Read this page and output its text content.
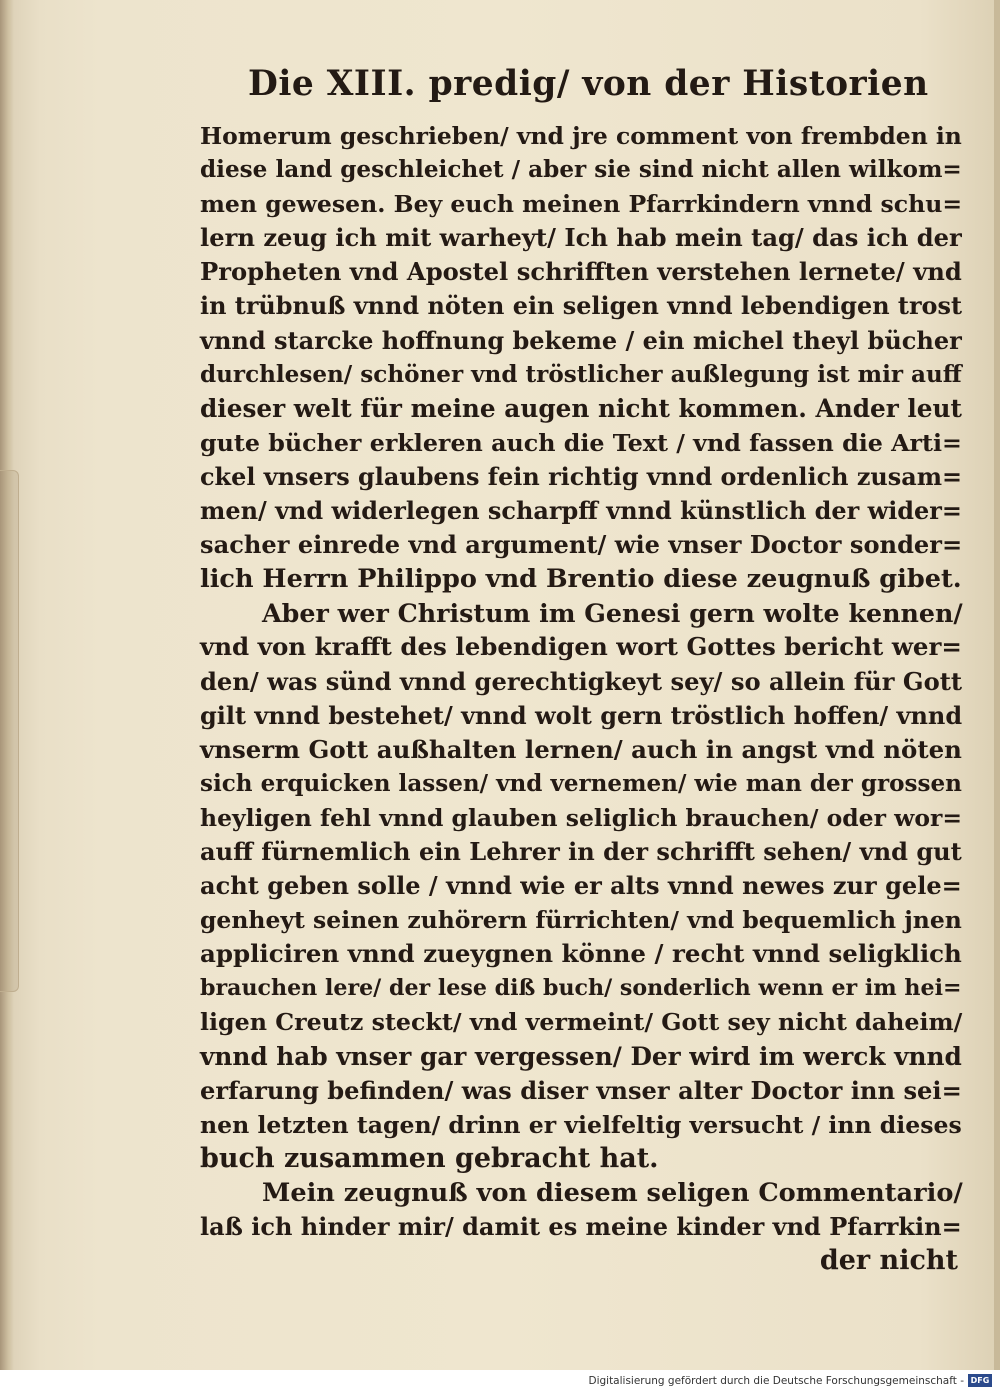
Die XIII. predig/ von der Historien
Homerum geschrieben/ vnd jre comment von frembden in
diese land geschleichet / aber sie sind nicht allen wilkom=
men gewesen. Bey euch meinen Pfarrkindern vnnd schu=
lern zeug ich mit warheyt/ Ich hab mein tag/ das ich der
Propheten vnd Apostel schrifften verstehen lernete/ vnd
in trübnuß vnnd nöten ein seligen vnnd lebendigen trost
vnnd starcke hoffnung bekeme / ein michel theyl bücher
durchlesen/ schöner vnd tröstlicher außlegung ist mir auff
dieser welt für meine augen nicht kommen. Ander leut
gute bücher erkleren auch die Text / vnd fassen die Arti=
ckel vnsers glaubens fein richtig vnnd ordenlich zusam=
men/ vnd widerlegen scharpff vnnd künstlich der wider=
sacher einrede vnd argument/ wie vnser Doctor sonder=
lich Herrn Philippo vnd Brentio diese zeugnuß gibet.
Aber wer Christum im Genesi gern wolte kennen/
vnd von krafft des lebendigen wort Gottes bericht wer=
den/ was sünd vnnd gerechtigkeyt sey/ so allein für Gott
gilt vnnd bestehet/ vnnd wolt gern tröstlich hoffen/ vnnd
vnserm Gott außhalten lernen/ auch in angst vnd nöten
sich erquicken lassen/ vnd vernemen/ wie man der grossen
heyligen fehl vnnd glauben seliglich brauchen/ oder wor=
auff fürnemlich ein Lehrer in der schrifft sehen/ vnd gut
acht geben solle / vnnd wie er alts vnnd newes zur gele=
genheyt seinen zuhörern fürrichten/ vnd bequemlich jnen
appliciren vnnd zueygnen könne / recht vnnd seligklich
brauchen lere/ der lese diß buch/ sonderlich wenn er im hei=
ligen Creutz steckt/ vnd vermeint/ Gott sey nicht daheim/
vnnd hab vnser gar vergessen/ Der wird im werck vnnd
erfarung befinden/ was diser vnser alter Doctor inn sei=
nen letzten tagen/ drinn er vielfeltig versucht / inn dieses
buch zusammen gebracht hat.
Mein zeugnuß von diesem seligen Commentario/
laß ich hinder mir/ damit es meine kinder vnd Pfarrkin=
der nicht
Digitalisierung gefördert durch die Deutsche Forschungsgemeinschaft - DFG
